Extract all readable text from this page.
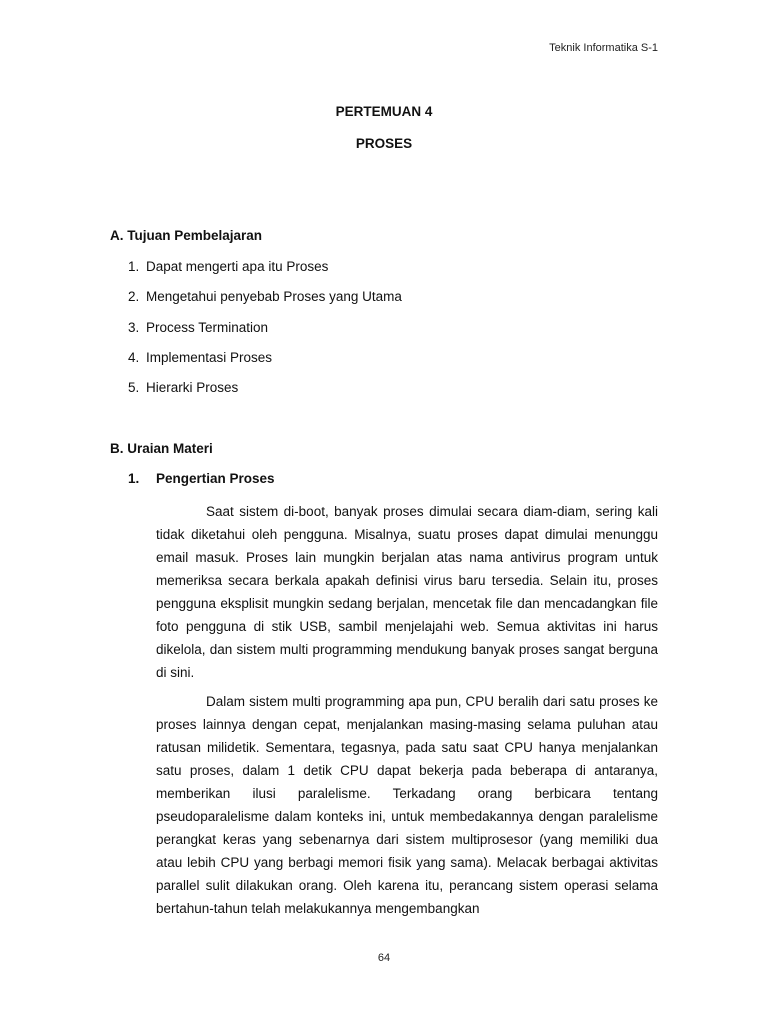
Teknik Informatika S-1
PERTEMUAN 4
PROSES
A. Tujuan Pembelajaran
1. Dapat mengerti apa itu Proses
2. Mengetahui penyebab Proses yang Utama
3. Process Termination
4. Implementasi Proses
5. Hierarki Proses
B. Uraian Materi
1. Pengertian Proses

Saat sistem di-boot, banyak proses dimulai secara diam-diam, sering kali tidak diketahui oleh pengguna. Misalnya, suatu proses dapat dimulai menunggu email masuk. Proses lain mungkin berjalan atas nama antivirus program untuk memeriksa secara berkala apakah definisi virus baru tersedia. Selain itu, proses pengguna eksplisit mungkin sedang berjalan, mencetak file dan mencadangkan file foto pengguna di stik USB, sambil menjelajahi web. Semua aktivitas ini harus dikelola, dan sistem multi programming mendukung banyak proses sangat berguna di sini.

Dalam sistem multi programming apa pun, CPU beralih dari satu proses ke proses lainnya dengan cepat, menjalankan masing-masing selama puluhan atau ratusan milidetik. Sementara, tegasnya, pada satu saat CPU hanya menjalankan satu proses, dalam 1 detik CPU dapat bekerja pada beberapa di antaranya, memberikan ilusi paralelisme. Terkadang orang berbicara tentang pseudoparalelisme dalam konteks ini, untuk membedakannya dengan paralelisme perangkat keras yang sebenarnya dari sistem multiprosesor (yang memiliki dua atau lebih CPU yang berbagi memori fisik yang sama). Melacak berbagai aktivitas parallel sulit dilakukan orang. Oleh karena itu, perancang sistem operasi selama bertahun-tahun telah melakukannya mengembangkan

64
